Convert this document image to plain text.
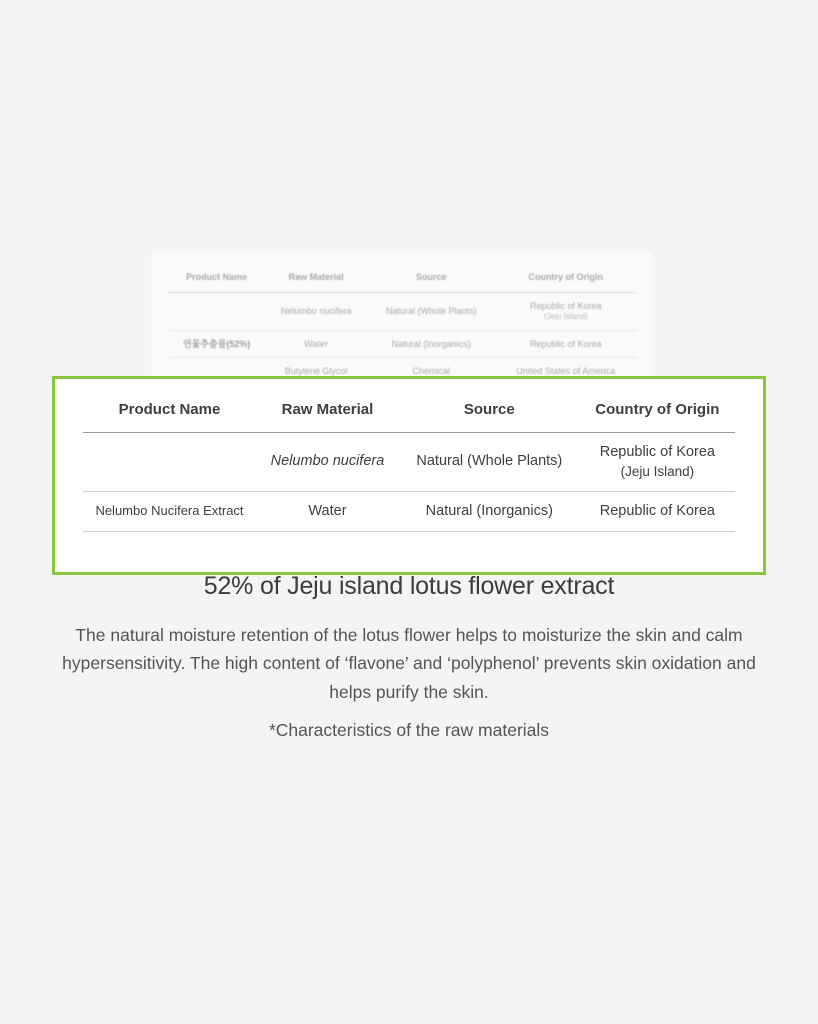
Product Name	Raw Material	Source	Country of Origin
	Nelumbo nucifera	Natural (Whole Plants)	Republic of Korea
(Jeju Island)

연꽃추출물(52%)	Water	Natural (Inorganics)	Republic of Korea
	Butylene Glycol	Chemical	United States of America
Product Name	Raw Material	Source	Country of Origin
	Nelumbo nucifera	Natural (Whole Plants)	Republic of Korea
(Jeju Island)

Nelumbo Nucifera Extract	Water	Natural (Inorganics)	Republic of Korea

52% of Jeju island lotus flower extract

The natural moisture retention of the lotus flower helps to moisturize the skin and calm hypersensitivity. The high content of ‘flavone’ and ‘polyphenol’ prevents skin oxidation and helps purify the skin.

*Characteristics of the raw materials
